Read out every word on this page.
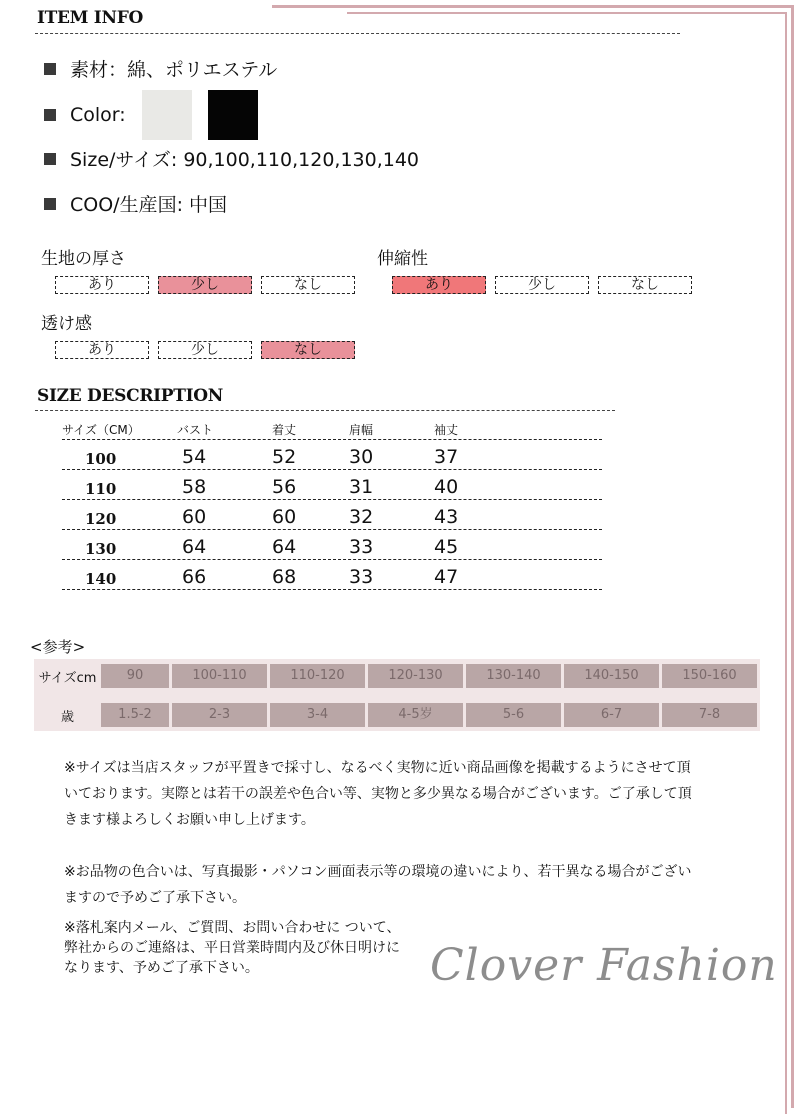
ITEM INFO
素材：綿、ポリエステル
Color:
Size/サイズ: 90,100,110,120,130,140
COO/生産国: 中国
生地の厚さ
あり	少し	なし
伸縮性
あり	少し	なし
透け感
あり	少し	なし
SIZE DESCRIPTION
サイズ（CM）	バスト	着丈	肩幅	袖丈
100	54	52	30	37
110	58	56	31	40
120	60	60	32	43
130	64	64	33	45
140	66	68	33	47
<参考>
サイズcm	90	100-110	110-120	120-130	130-140	140-150	150-160
歳	1.5-2	2-3	3-4	4-5岁	5-6	6-7	7-8
※サイズは当店スタッフが平置きで採寸し、なるべく実物に近い商品画像を掲載するようにさせて頂いております。実際とは若干の誤差や色合い等、実物と多少異なる場合がございます。ご了承して頂きます様よろしくお願い申し上げます。
※お品物の色合いは、写真撮影・パソコン画面表示等の環境の違いにより、若干異なる場合がございますので予めご了承下さい。
※落札案内メール、ご質問、お問い合わせに ついて、弊社からのご連絡は、平日営業時間内及び休日明けになります、予めご了承下さい。	Clover Fashion
